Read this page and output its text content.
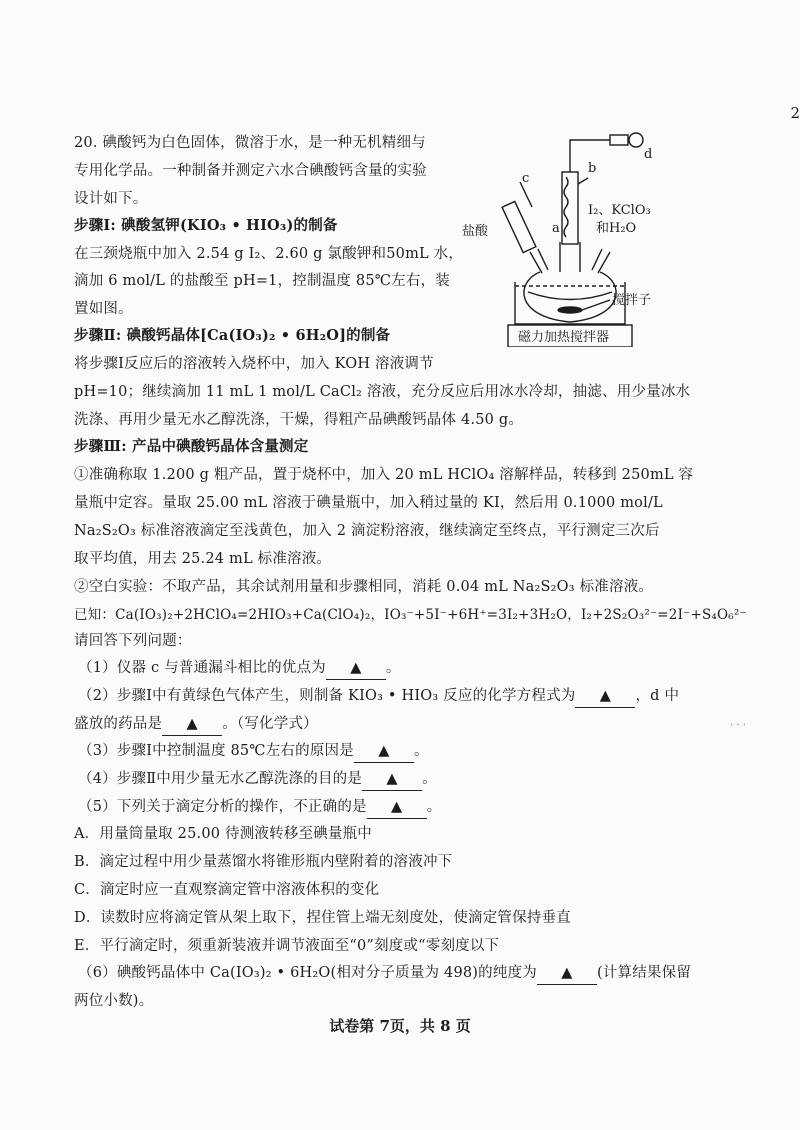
2
20. 碘酸钙为白色固体，微溶于水，是一种无机精细与
专用化学品。一种制备并测定六水合碘酸钙含量的实验
设计如下。
步骤Ⅰ: 碘酸氢钾(KIO₃ • HIO₃)的制备
在三颈烧瓶中加入 2.54 g I₂、2.60 g 氯酸钾和50mL 水，
滴加 6 mol/L 的盐酸至 pH=1，控制温度 85℃左右，装
置如图。
步骤Ⅱ: 碘酸钙晶体[Ca(IO₃)₂ • 6H₂O]的制备
将步骤Ⅰ反应后的溶液转入烧杯中，加入 KOH 溶液调节
pH=10；继续滴加 11 mL 1 mol/L CaCl₂ 溶液，充分反应后用冰水冷却，抽滤、用少量冰水
洗涤、再用少量无水乙醇洗涤，干燥，得粗产品碘酸钙晶体 4.50 g。
步骤Ⅲ: 产品中碘酸钙晶体含量测定
①准确称取 1.200 g 粗产品，置于烧杯中，加入 20 mL HClO₄ 溶解样品，转移到 250mL 容
量瓶中定容。量取 25.00 mL 溶液于碘量瓶中，加入稍过量的 KI，然后用 0.1000 mol/L
Na₂S₂O₃ 标准溶液滴定至浅黄色，加入 2 滴淀粉溶液，继续滴定至终点，平行测定三次后
取平均值，用去 25.24 mL 标准溶液。
②空白实验：不取产品，其余试剂用量和步骤相同，消耗 0.04 mL Na₂S₂O₃ 标准溶液。
已知：Ca(IO₃)₂+2HClO₄=2HIO₃+Ca(ClO₄)₂，IO₃⁻+5I⁻+6H⁺=3I₂+3H₂O，I₂+2S₂O₃²⁻=2I⁻+S₄O₆²⁻
请回答下列问题：
（1）仪器 c 与普通漏斗相比的优点为 ▲ 。
（2）步骤Ⅰ中有黄绿色气体产生，则制备 KIO₃ • HIO₃ 反应的化学方程式为 ▲ ，d 中
盛放的药品是 ▲ 。（写化学式）
（3）步骤Ⅰ中控制温度 85℃左右的原因是 ▲ 。
（4）步骤Ⅱ中用少量无水乙醇洗涤的目的是 ▲ 。
（5）下列关于滴定分析的操作，不正确的是 ▲ 。
A．用量筒量取 25.00 待测液转移至碘量瓶中
B．滴定过程中用少量蒸馏水将锥形瓶内壁附着的溶液冲下
C．滴定时应一直观察滴定管中溶液体积的变化
D．读数时应将滴定管从架上取下，捏住管上端无刻度处，使滴定管保持垂直
E．平行滴定时，须重新装液并调节液面至“0”刻度或“零刻度以下
（6）碘酸钙晶体中 Ca(IO₃)₂ • 6H₂O(相对分子质量为 498)的纯度为 ▲ (计算结果保留
两位小数)。
试卷第 7页，共 8 页
· · ·
c
b
d
a
盐酸
I₂、KClO₃
和H₂O
搅拌子
磁力加热搅拌器
